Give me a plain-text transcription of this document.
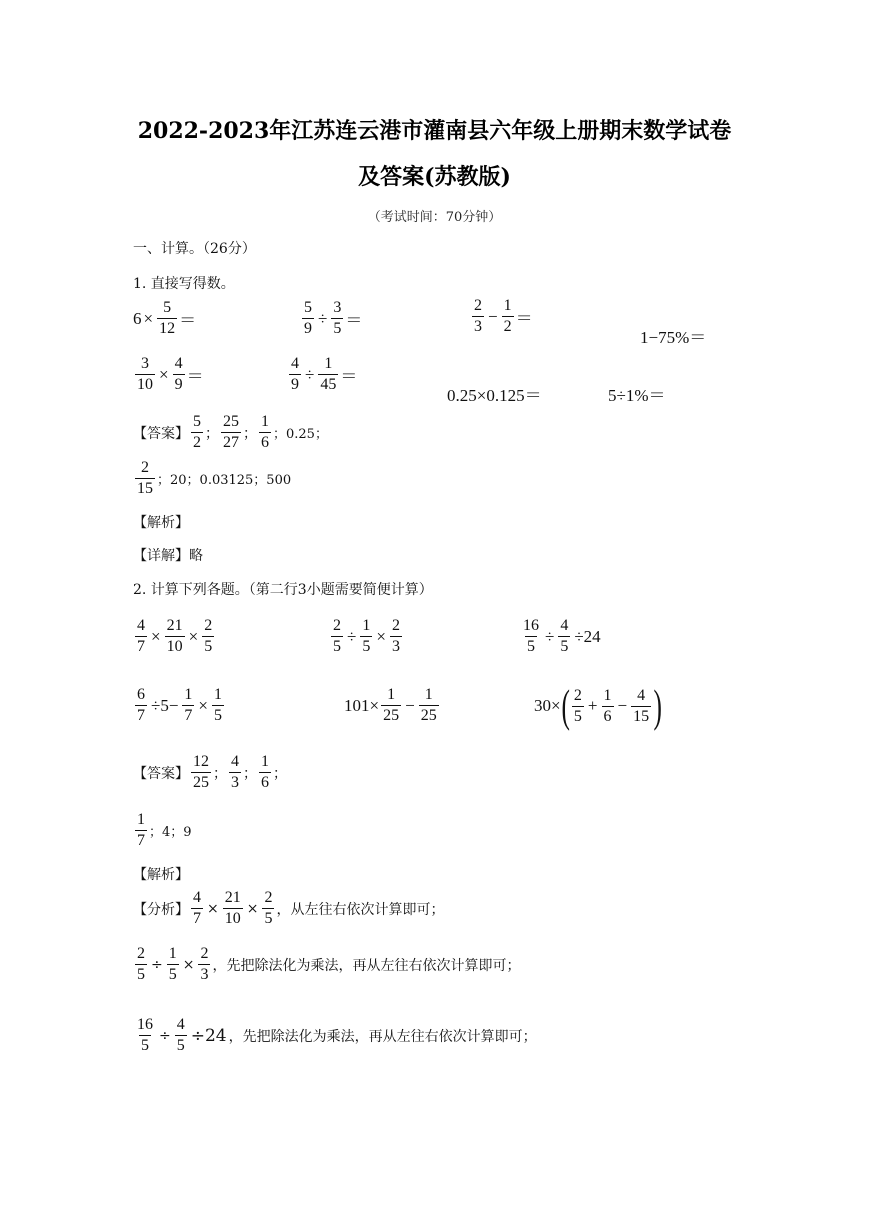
2022-2023年江苏连云港市灌南县六年级上册期末数学试卷
及答案(苏教版)
（考试时间：70分钟）
一、计算。（26分）
1. 直接写得数。
$6 \times \frac{5}{12}$ ＝	$\frac{5}{9} \div \frac{3}{5}$ ＝	$\frac{2}{3} - \frac{1}{2}$ ＝
1−75%＝
$\frac{3}{10} \times \frac{4}{9}$ ＝	$\frac{4}{9} \div \frac{1}{45}$ ＝
0.25×0.125＝	5÷1%＝
【答案】 $\frac{5}{2}$ ； $\frac{25}{27}$ ； $\frac{1}{6}$ ；0.25；
$\frac{2}{15}$ ；20；0.03125；500
【解析】
【详解】略
2. 计算下列各题。（第二行3小题需要简便计算）
$\frac{4}{7} \times \frac{21}{10} \times \frac{2}{5}$	$\frac{2}{5} \div \frac{1}{5} \times \frac{2}{3}$	$\frac{16}{5} \div \frac{4}{5} \div 24$
$\frac{6}{7} \div 5- \frac{1}{7} \times \frac{1}{5}$	$101\times \frac{1}{25} - \frac{1}{25}$	30× ( $\frac{2}{5} + \frac{1}{6} - \frac{4}{15}$ )
【答案】 $\frac{12}{25}$ ； $\frac{4}{3}$ ； $\frac{1}{6}$ ；
$\frac{1}{7}$ ；4；9
【解析】
【分析】 $\frac{4}{7} \times \frac{21}{10} \times \frac{2}{5}$ ，从左往右依次计算即可；
$\frac{2}{5} \div \frac{1}{5} \times \frac{2}{3}$ ，先把除法化为乘法，再从左往右依次计算即可；
$\frac{16}{5} \div \frac{4}{5} \div 24$ ，先把除法化为乘法，再从左往右依次计算即可；
